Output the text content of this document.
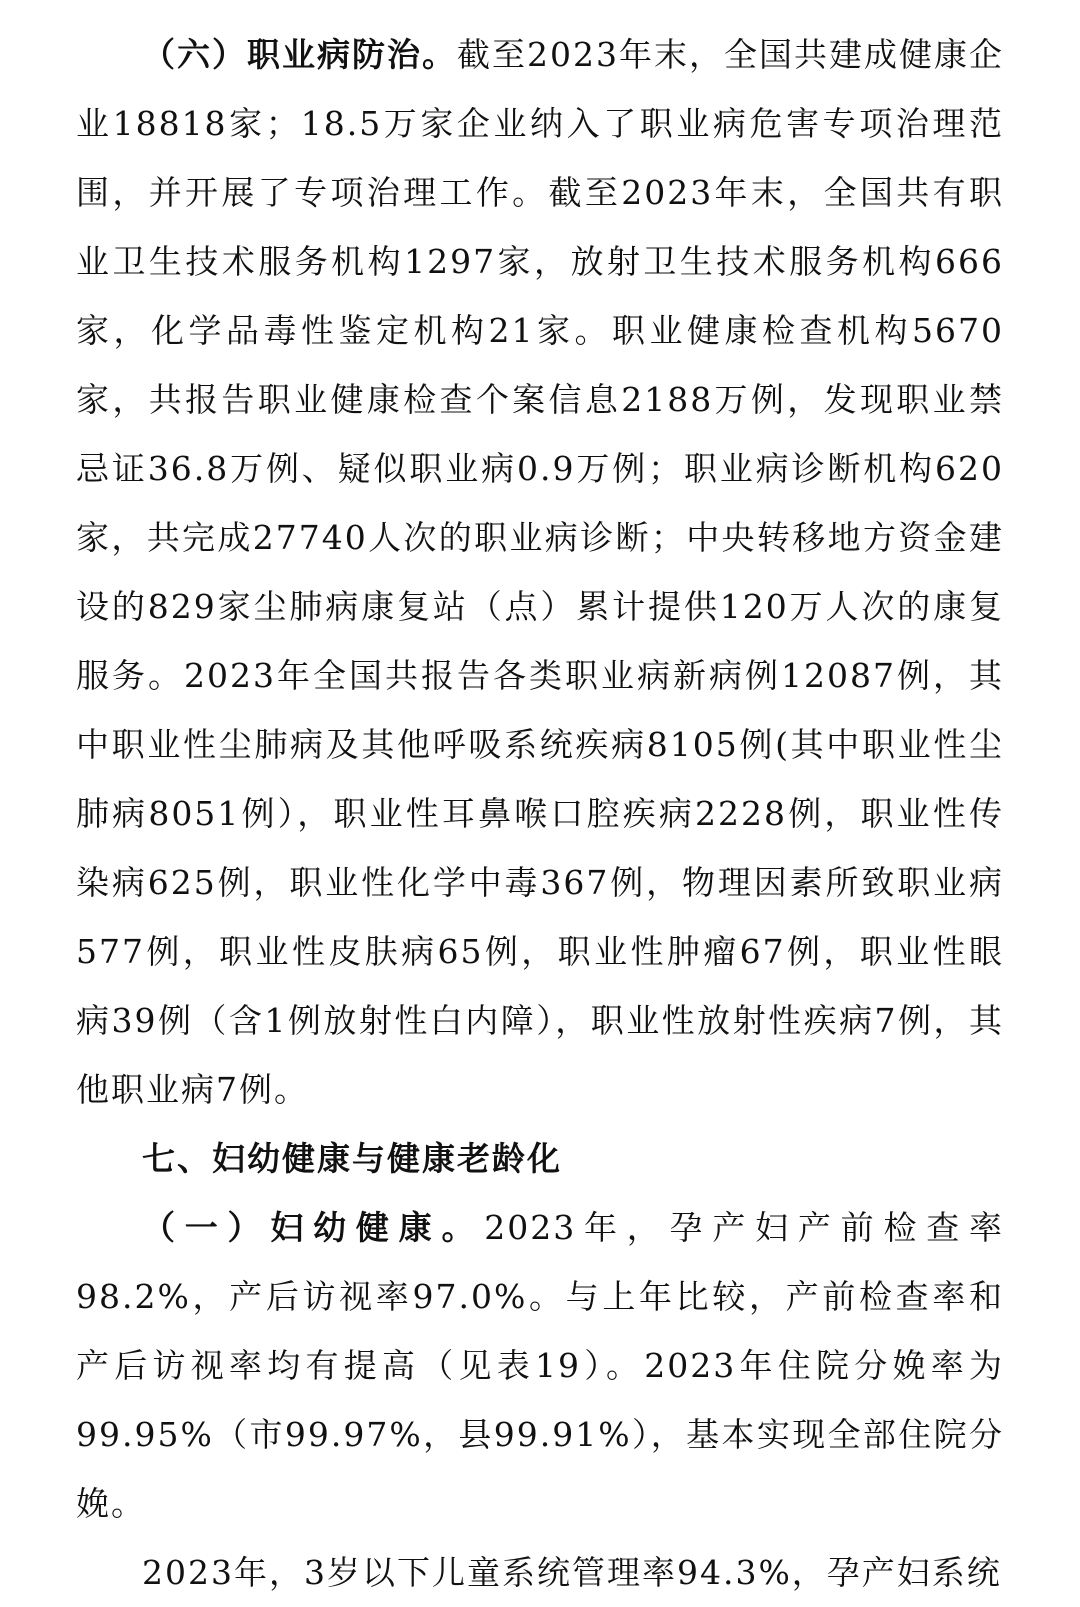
（六）职业病防治。截至2023年末，全国共建成健康企业18818家；18.5万家企业纳入了职业病危害专项治理范围，并开展了专项治理工作。截至2023年末，全国共有职业卫生技术服务机构1297家，放射卫生技术服务机构666家，化学品毒性鉴定机构21家。职业健康检查机构5670家，共报告职业健康检查个案信息2188万例，发现职业禁忌证36.8万例、疑似职业病0.9万例；职业病诊断机构620家，共完成27740人次的职业病诊断；中央转移地方资金建设的829家尘肺病康复站（点）累计提供120万人次的康复服务。2023年全国共报告各类职业病新病例12087例，其中职业性尘肺病及其他呼吸系统疾病8105例(其中职业性尘肺病8051例），职业性耳鼻喉口腔疾病2228例，职业性传染病625例，职业性化学中毒367例，物理因素所致职业病577例，职业性皮肤病65例，职业性肿瘤67例，职业性眼病39例（含1例放射性白内障），职业性放射性疾病7例，其他职业病7例。

七、妇幼健康与健康老龄化

（一）妇幼健康。2023年，孕产妇产前检查率98.2%，产后访视率97.0%。与上年比较，产前检查率和产后访视率均有提高（见表19）。2023年住院分娩率为99.95%（市99.97%，县99.91%），基本实现全部住院分娩。

2023年，3岁以下儿童系统管理率94.3%，孕产妇系统
